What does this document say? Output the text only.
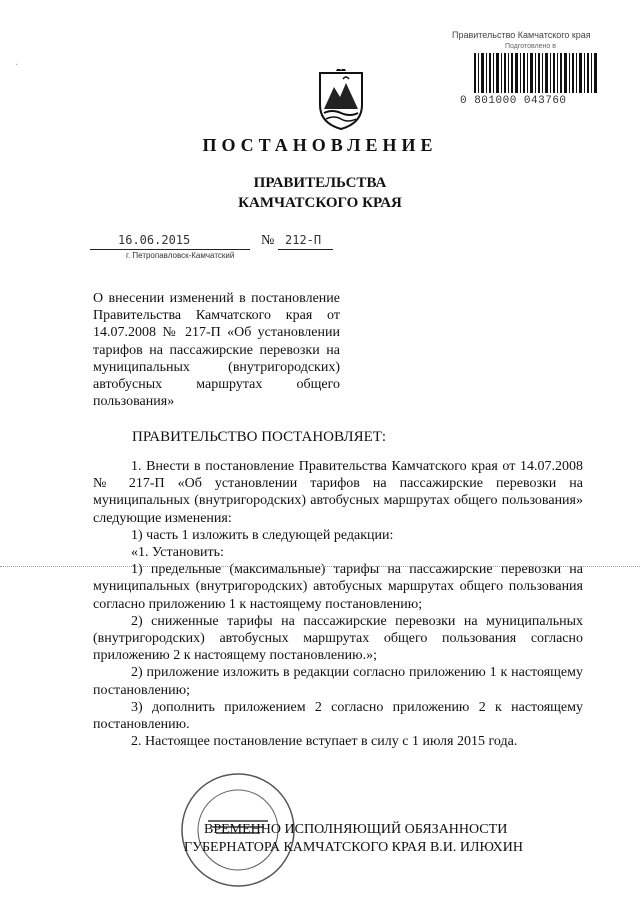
·
Правительство Камчатского края
Подготовлено в
0 801000 043760
ПОСТАНОВЛЕНИЕ
ПРАВИТЕЛЬСТВА
КАМЧАТСКОГО КРАЯ
16.06.2015	№ 212-П
г. Петропавловск-Камчатский
О внесении изменений в постановление Правительства Камчатского края от 14.07.2008 № 217-П «Об установлении тарифов на пассажирские перевозки на муниципальных (внутригородских) автобусных маршрутах общего пользования»
ПРАВИТЕЛЬСТВО ПОСТАНОВЛЯЕТ:

1. Внести в постановление Правительства Камчатского края от 14.07.2008 № 217-П «Об установлении тарифов на пассажирские перевозки на муниципальных (внутригородских) автобусных маршрутах общего пользования» следующие изменения:

1) часть 1 изложить в следующей редакции:

«1. Установить:

1) предельные (максимальные) тарифы на пассажирские перевозки на муниципальных (внутригородских) автобусных маршрутах общего пользования согласно приложению 1 к настоящему постановлению;

2) сниженные тарифы на пассажирские перевозки на муниципальных (внутригородских) автобусных маршрутах общего пользования согласно приложению 2 к настоящему постановлению.»;

2) приложение изложить в редакции согласно приложению 1 к настоящему постановлению;

3) дополнить приложением 2 согласно приложению 2 к настоящему постановлению.

2. Настоящее постановление вступает в силу с 1 июля 2015 года.

ВРЕМЕННО ИСПОЛНЯЮЩИЙ ОБЯЗАННОСТИ
ГУБЕРНАТОРА КАМЧАТСКОГО КРАЯ В.И. ИЛЮХИН
